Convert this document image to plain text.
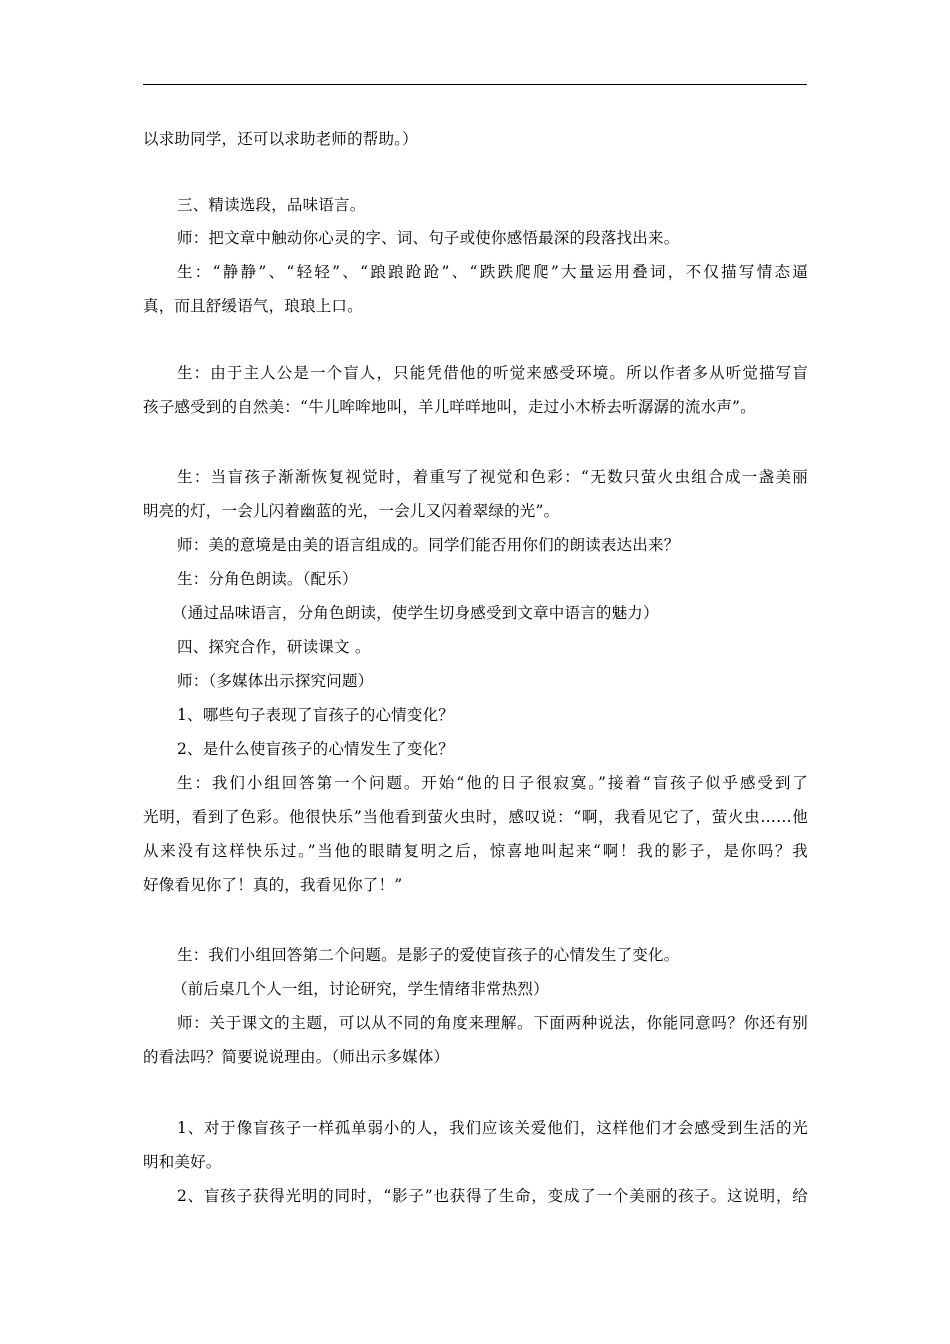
以求助同学，还可以求助老师的帮助。）
三、精读选段，品味语言。
师：把文章中触动你心灵的字、词、句子或使你感悟最深的段落找出来。
生：“静静”、“轻轻”、“踉踉跄跄”、“跌跌爬爬”大量运用叠词，不仅描写情态逼
真，而且舒缓语气，琅琅上口。
生：由于主人公是一个盲人，只能凭借他的听觉来感受环境。所以作者多从听觉描写盲
孩子感受到的自然美：“牛儿哞哞地叫，羊儿咩咩地叫，走过小木桥去听潺潺的流水声”。
生：当盲孩子渐渐恢复视觉时，着重写了视觉和色彩：“无数只萤火虫组合成一盏美丽
明亮的灯，一会儿闪着幽蓝的光，一会儿又闪着翠绿的光”。
师：美的意境是由美的语言组成的。同学们能否用你们的朗读表达出来？
生：分角色朗读。（配乐）
（通过品味语言，分角色朗读，使学生切身感受到文章中语言的魅力）
四、探究合作，研读课文 。
师：（多媒体出示探究问题）
1、哪些句子表现了盲孩子的心情变化？
2、是什么使盲孩子的心情发生了变化？
生：我们小组回答第一个问题。开始“他的日子很寂寞。”接着“盲孩子似乎感受到了
光明，看到了色彩。他很快乐”当他看到萤火虫时，感叹说：“啊，我看见它了，萤火虫……他
从来没有这样快乐过。”当他的眼睛复明之后，惊喜地叫起来“啊！我的影子，是你吗？我
好像看见你了！真的，我看见你了！”
生：我们小组回答第二个问题。是影子的爱使盲孩子的心情发生了变化。
（前后桌几个人一组，讨论研究，学生情绪非常热烈）
师：关于课文的主题，可以从不同的角度来理解。下面两种说法，你能同意吗？你还有别
的看法吗？简要说说理由。（师出示多媒体）
1、对于像盲孩子一样孤单弱小的人，我们应该关爱他们，这样他们才会感受到生活的光
明和美好。
2、盲孩子获得光明的同时，“影子”也获得了生命，变成了一个美丽的孩子。这说明，给
